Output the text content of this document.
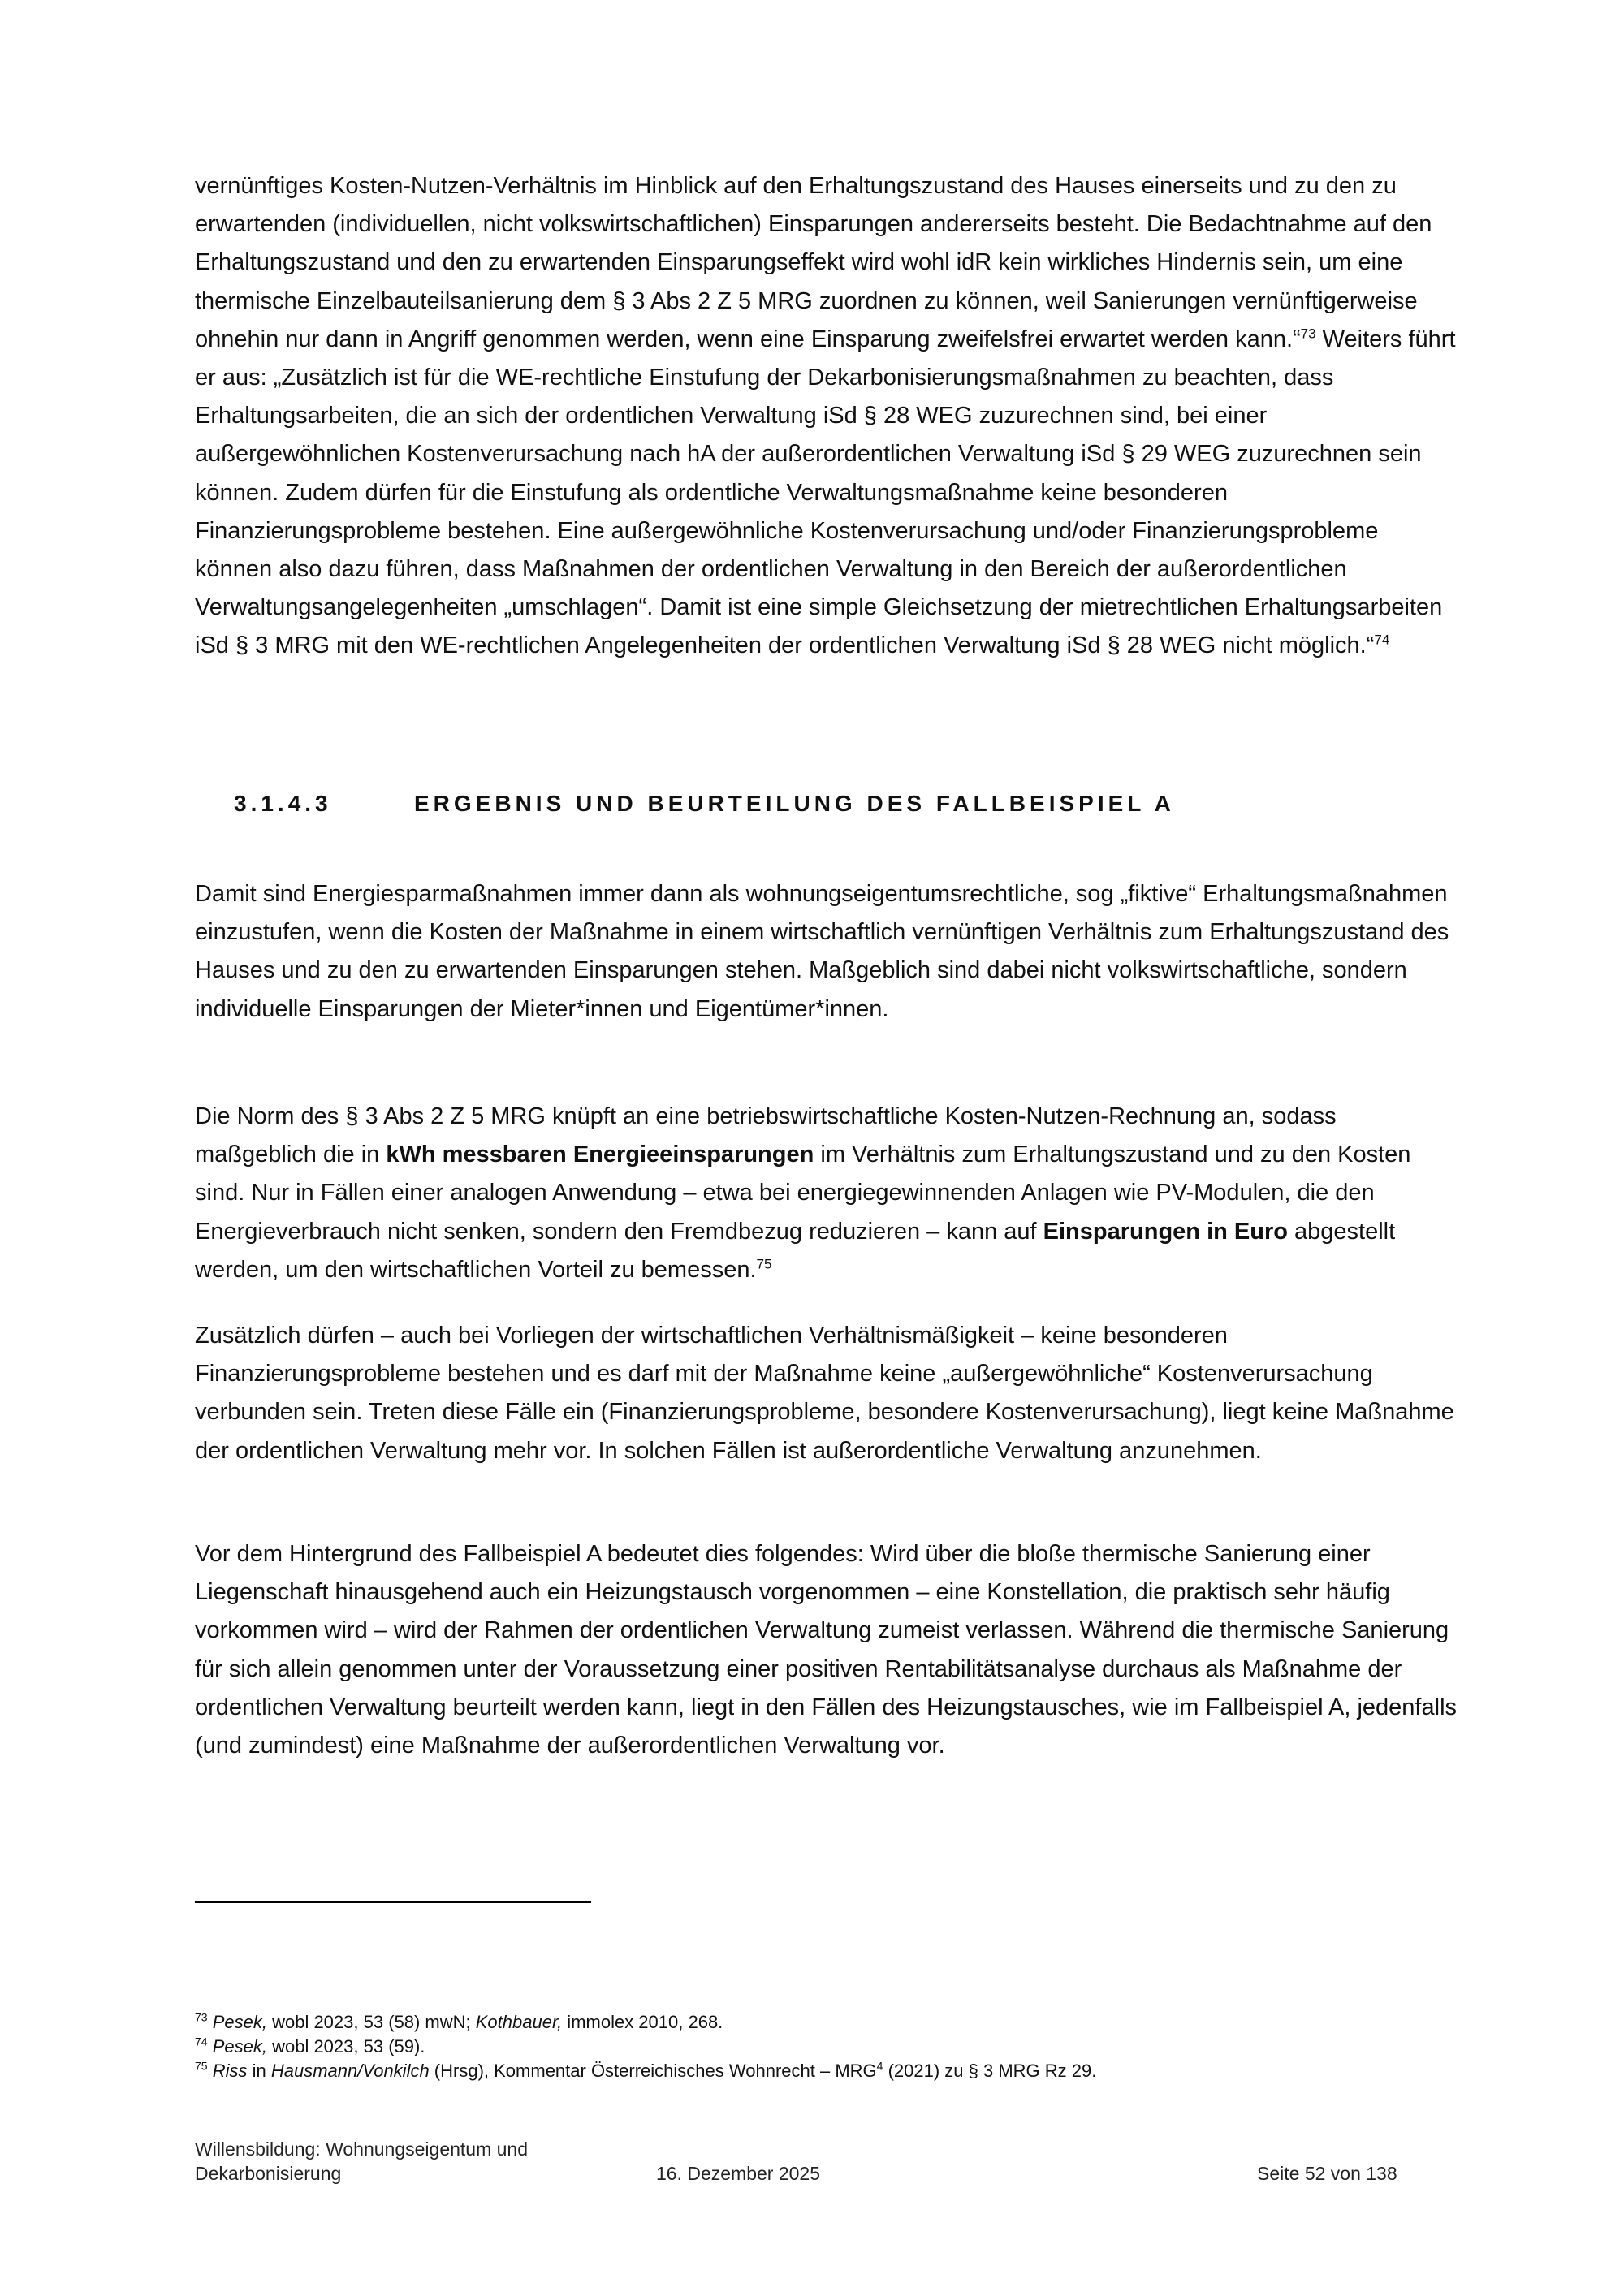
vernünftiges Kosten-Nutzen-Verhältnis im Hinblick auf den Erhaltungszustand des Hauses einerseits und zu den zu erwartenden (individuellen, nicht volkswirtschaftlichen) Einsparungen andererseits besteht. Die Bedachtnahme auf den Erhaltungszustand und den zu erwartenden Einsparungseffekt wird wohl idR kein wirkliches Hindernis sein, um eine thermische Einzelbauteilsanierung dem § 3 Abs 2 Z 5 MRG zuordnen zu können, weil Sanierungen vernünftigerweise ohnehin nur dann in Angriff genommen werden, wenn eine Einsparung zweifelsfrei erwartet werden kann.“$^{73}$ Weiters führt er aus: „Zusätzlich ist für die WE-rechtliche Einstufung der Dekarbonisierungsmaßnahmen zu beachten, dass Erhaltungsarbeiten, die an sich der ordentlichen Verwaltung iSd § 28 WEG zuzurechnen sind, bei einer außergewöhnlichen Kostenverursachung nach hA der außerordentlichen Verwaltung iSd § 29 WEG zuzurechnen sein können. Zudem dürfen für die Einstufung als ordentliche Verwaltungsmaßnahme keine besonderen Finanzierungsprobleme bestehen. Eine außergewöhnliche Kostenverursachung und/oder Finanzierungsprobleme können also dazu führen, dass Maßnahmen der ordentlichen Verwaltung in den Bereich der außerordentlichen Verwaltungsangelegenheiten „umschlagen“. Damit ist eine simple Gleichsetzung der mietrechtlichen Erhaltungsarbeiten iSd § 3 MRG mit den WE-rechtlichen Angelegenheiten der ordentlichen Verwaltung iSd § 28 WEG nicht möglich.“$^{74}$

3.1.4.3	ERGEBNIS UND BEURTEILUNG DES FALLBEISPIEL A

Damit sind Energiesparmaßnahmen immer dann als wohnungseigentumsrechtliche, sog „fiktive“ Erhaltungsmaßnahmen einzustufen, wenn die Kosten der Maßnahme in einem wirtschaftlich vernünftigen Verhältnis zum Erhaltungszustand des Hauses und zu den zu erwartenden Einsparungen stehen. Maßgeblich sind dabei nicht volkswirtschaftliche, sondern individuelle Einsparungen der Mieter*innen und Eigentümer*innen.

Die Norm des § 3 Abs 2 Z 5 MRG knüpft an eine betriebswirtschaftliche Kosten-Nutzen-Rechnung an, sodass maßgeblich die in kWh messbaren Energieeinsparungen im Verhältnis zum Erhaltungszustand und zu den Kosten sind. Nur in Fällen einer analogen Anwendung – etwa bei energiegewinnenden Anlagen wie PV-Modulen, die den Energieverbrauch nicht senken, sondern den Fremdbezug reduzieren – kann auf Einsparungen in Euro abgestellt werden, um den wirtschaftlichen Vorteil zu bemessen.$^{75}$

Zusätzlich dürfen – auch bei Vorliegen der wirtschaftlichen Verhältnismäßigkeit – keine besonderen Finanzierungsprobleme bestehen und es darf mit der Maßnahme keine „außergewöhnliche“ Kostenverursachung verbunden sein. Treten diese Fälle ein (Finanzierungsprobleme, besondere Kostenverursachung), liegt keine Maßnahme der ordentlichen Verwaltung mehr vor. In solchen Fällen ist außerordentliche Verwaltung anzunehmen.

Vor dem Hintergrund des Fallbeispiel A bedeutet dies folgendes: Wird über die bloße thermische Sanierung einer Liegenschaft hinausgehend auch ein Heizungstausch vorgenommen – eine Konstellation, die praktisch sehr häufig vorkommen wird – wird der Rahmen der ordentlichen Verwaltung zumeist verlassen. Während die thermische Sanierung für sich allein genommen unter der Voraussetzung einer positiven Rentabilitätsanalyse durchaus als Maßnahme der ordentlichen Verwaltung beurteilt werden kann, liegt in den Fällen des Heizungstausches, wie im Fallbeispiel A, jedenfalls (und zumindest) eine Maßnahme der außerordentlichen Verwaltung vor.

$^{73}$ Pesek, wobl 2023, 53 (58) mwN; Kothbauer, immolex 2010, 268.

$^{74}$ Pesek, wobl 2023, 53 (59).

$^{75}$ Riss in Hausmann/Vonkilch (Hrsg), Kommentar Österreichisches Wohnrecht – MRG$^4$ (2021) zu § 3 MRG Rz 29.

Willensbildung: Wohnungseigentum und
Dekarbonisierung	16. Dezember 2025	Seite 52 von 138
